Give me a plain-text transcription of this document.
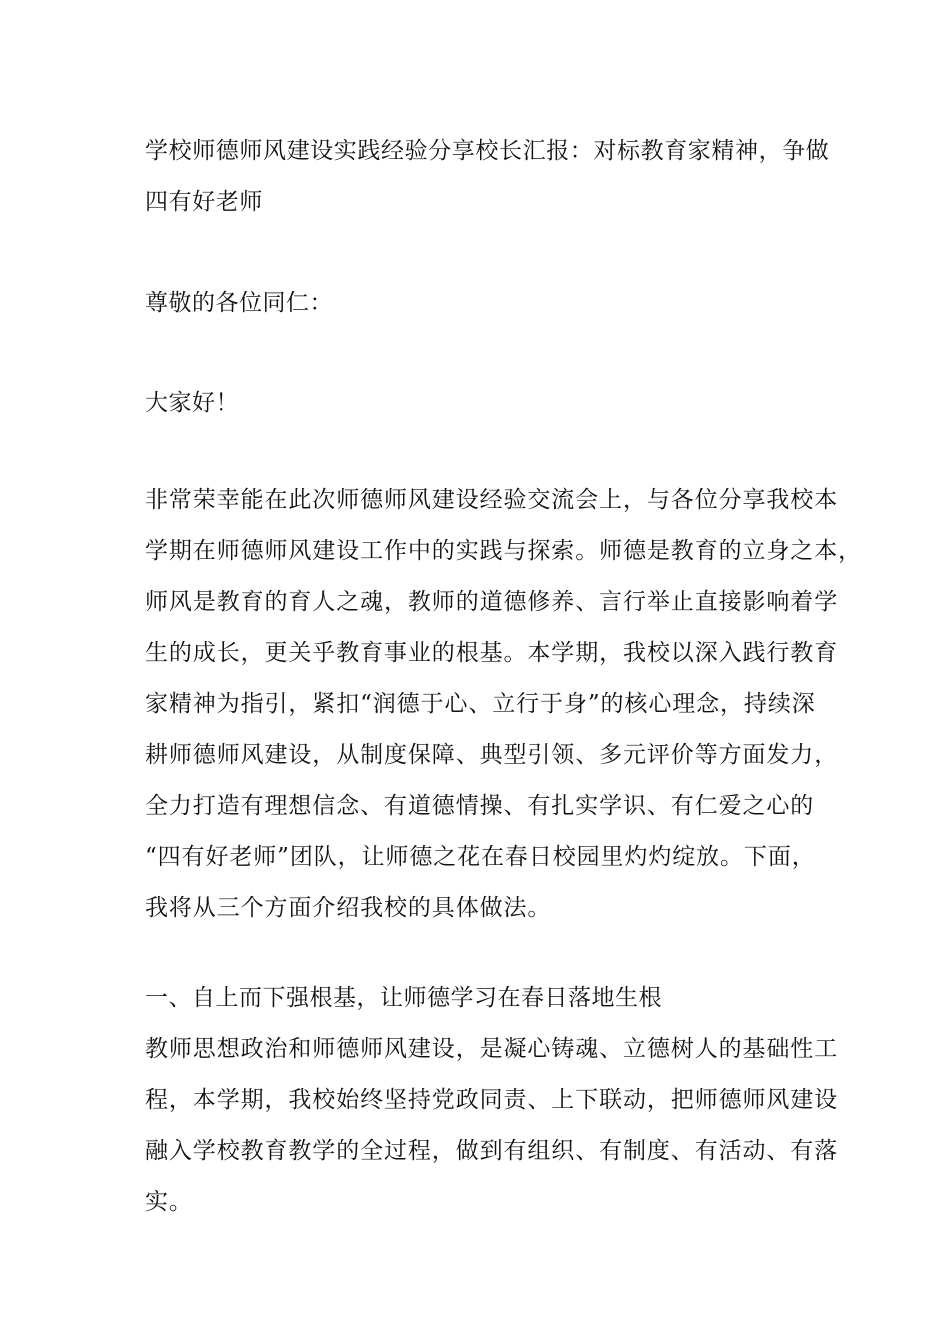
学校师德师风建设实践经验分享校长汇报：对标教育家精神，争做
四有好老师
尊敬的各位同仁：
大家好！
非常荣幸能在此次师德师风建设经验交流会上，与各位分享我校本
学期在师德师风建设工作中的实践与探索。师德是教育的立身之本，
师风是教育的育人之魂，教师的道德修养、言行举止直接影响着学
生的成长，更关乎教育事业的根基。本学期，我校以深入践行教育
家精神为指引，紧扣“润德于心、立行于身”的核心理念，持续深
耕师德师风建设，从制度保障、典型引领、多元评价等方面发力，
全力打造有理想信念、有道德情操、有扎实学识、有仁爱之心的
“四有好老师”团队，让师德之花在春日校园里灼灼绽放。下面，
我将从三个方面介绍我校的具体做法。
一、自上而下强根基，让师德学习在春日落地生根
教师思想政治和师德师风建设，是凝心铸魂、立德树人的基础性工
程，本学期，我校始终坚持党政同责、上下联动，把师德师风建设
融入学校教育教学的全过程，做到有组织、有制度、有活动、有落
实。
